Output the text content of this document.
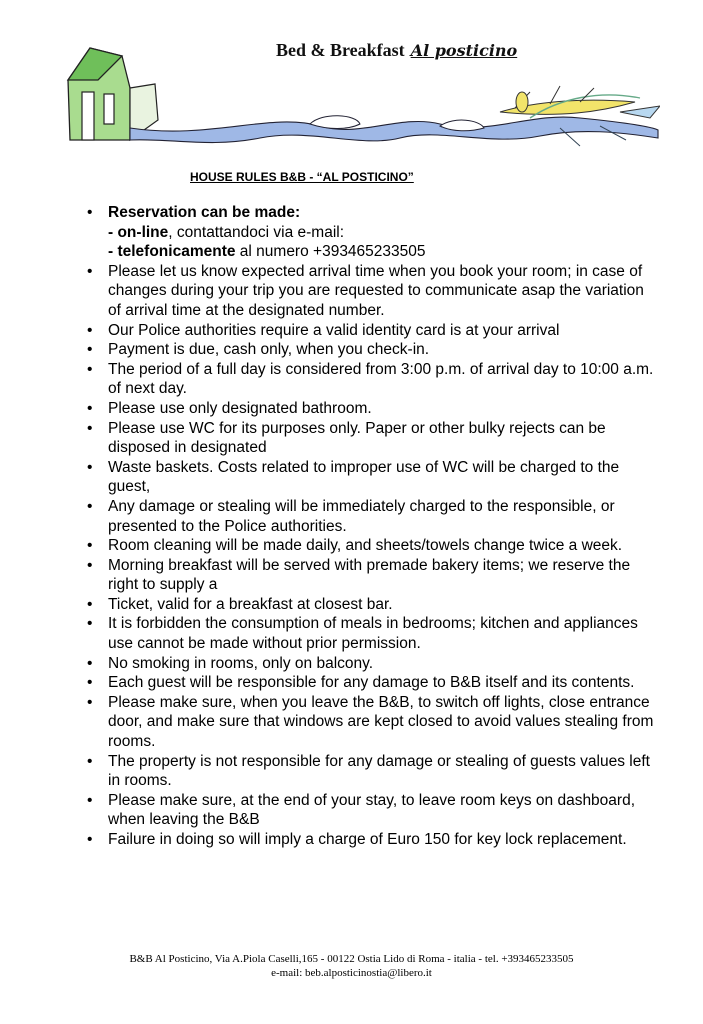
Bed & Breakfast Al posticino
HOUSE RULES B&B - “AL POSTICINO”
• Reservation can be made:
- on-line, contattandoci via e-mail:
- telefonicamente al numero +393465233505
• Please let us know expected arrival time when you book your room; in case of changes during your trip you are requested to communicate asap the variation of arrival time at the designated number.
• Our Police authorities require a valid identity card is at your arrival
• Payment is due, cash only, when you check-in.
• The period of a full day is considered from 3:00 p.m. of arrival day to 10:00 a.m. of next day.
• Please use only designated bathroom.
• Please use WC for its purposes only. Paper or other bulky rejects can be disposed in designated
• Waste baskets. Costs related to improper use of WC will be charged to the guest,
• Any damage or stealing will be immediately charged to the responsible, or presented to the Police authorities.
• Room cleaning will be made daily, and sheets/towels change twice a week.
• Morning breakfast will be served with premade bakery items; we reserve the right to supply a
• Ticket, valid for a breakfast at closest bar.
• It is forbidden the consumption of meals in bedrooms; kitchen and appliances use cannot be made without prior permission.
• No smoking in rooms, only on balcony.
• Each guest will be responsible for any damage to B&B itself and its contents.
• Please make sure, when you leave the B&B, to switch off lights, close entrance door, and make sure that windows are kept closed to avoid values stealing from rooms.
• The property is not responsible for any damage or stealing of guests values left in rooms.
• Please make sure, at the end of your stay, to leave room keys on dashboard, when leaving the B&B
• Failure in doing so will imply a charge of Euro 150 for key lock replacement.
B&B Al Posticino, Via A.Piola Caselli,165 - 00122 Ostia Lido di Roma - italia - tel. +393465233505
e-mail: beb.alposticinostia@libero.it
